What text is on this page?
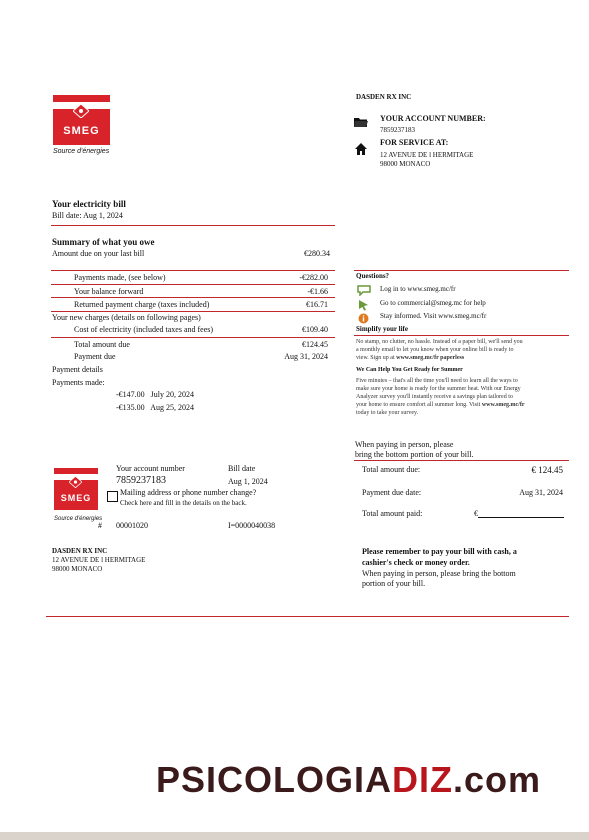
SMEG
Source d'énergies
DASDEN RX INC
YOUR ACCOUNT NUMBER:
7859237183
FOR SERVICE AT:
12 AVENUE DE l HERMITAGE
98000 MONACO
Your electricity bill
Bill date: Aug 1, 2024
Summary of what you owe
Amount due on your last bill	€280.34
Payments made, (see below)	-€282.00
Your balance forward	-€1.66
Returned payment charge (taxes included)	€16.71
Your new charges (details on following pages)
Cost of electricity (included taxes and fees)	€109.40
Total amount due	€124.45
Payment due	Aug 31, 2024
Payment details
Payments made:
-€147.00   July 20, 2024
-€135.00   Aug 25, 2024
Questions?
Log in to www.smeg.mc/fr
Go to commercial@smeg.mc for help
Stay informed. Visit www.smeg.mc/fr
Simplify your life
No stamp, no clutter, no hassle. Instead of a paper bill, we'll send you
a monthly email to let you know when your online bill is ready to
view. Sign up at www.smeg.mc/fr paperless
We Can Help You Get Ready for Summer
Five minutes – that's all the time you'll need to learn all the ways to
make sure your home is ready for the summer heat. With our Energy
Analyzer survey you'll instantly receive a savings plan tailored to
your home to ensure comfort all summer long. Visit www.smeg.mc/fr
today to take your survey.
When paying in person, please
bring the bottom portion of your bill.
SMEG
Source d'énergies
Your account number
7859237183
Bill date
Aug 1, 2024
Mailing address or phone number change?
Check here and fill in the details on the back.
# 00001020	I=0000040038
DASDEN RX INC
12 AVENUE DE l HERMITAGE
98000 MONACO
Total amount due:	€ 124.45
Payment due date:	Aug 31, 2024
Total amount paid:	€
Please remember to pay your bill with cash, a
cashier's check or money order.
When paying in person, please bring the bottom
portion of your bill.
PSICOLOGIADIZ.com
